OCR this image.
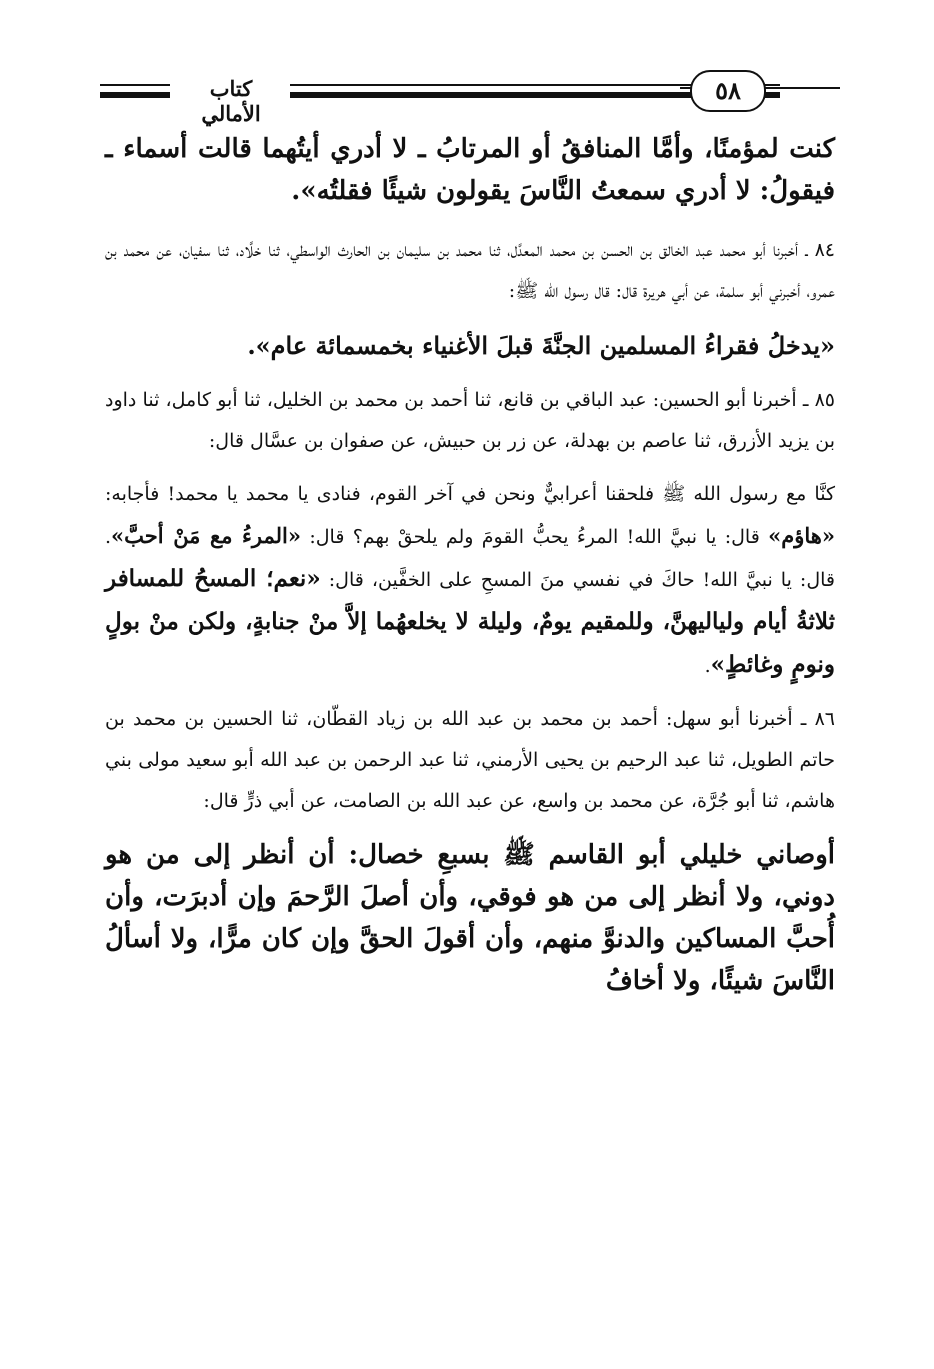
كتاب الأمالي
٥٨

كنت لمؤمنًا، وأمَّا المنافقُ أو المرتابُ ـ لا أدري أيتُهما قالت أسماء ـ فيقولُ: لا أدري سمعتُ النَّاسَ يقولون شيئًا فقلتُه».

٨٤ ـ أخبرنا أبو محمد عبد الخالق بن الحسن بن محمد المعدَّل، ثنا محمد بن سليمان بن الحارث الواسطي، ثنا خلَّاد، ثنا سفيان، عن محمد بن عمرو، أخبرني أبو سلمة، عن أبي هريرة قال: قال رسول الله ﷺ:

«يدخلُ فقراءُ المسلمين الجنَّةَ قبلَ الأغنياء بخمسمائة عام».

٨٥ ـ أخبرنا أبو الحسين: عبد الباقي بن قانع، ثنا أحمد بن محمد بن الخليل، ثنا أبو كامل، ثنا داود بن يزيد الأزرق، ثنا عاصم بن بهدلة، عن زر بن حبيش، عن صفوان بن عسَّال قال:

كنَّا مع رسول الله ﷺ فلحقنا أعرابيٌّ ونحن في آخر القوم، فنادى يا محمد يا محمد! فأجابه: «هاؤم» قال: يا نبيَّ الله! المرءُ يحبُّ القومَ ولم يلحقْ بهم؟ قال: «المرءُ مع مَنْ أحبَّ». قال: يا نبيَّ الله! حاكَ في نفسي منَ المسحِ على الخفَّين، قال: «نعم؛ المسحُ للمسافر ثلاثةُ أيام ولياليهنَّ، وللمقيم يومٌ، وليلة لا يخلعهُما إلاَّ منْ جنابةٍ، ولكن منْ بولٍ ونومٍ وغائطٍ».

٨٦ ـ أخبرنا أبو سهل: أحمد بن محمد بن عبد الله بن زياد القطّان، ثنا الحسين بن محمد بن حاتم الطويل، ثنا عبد الرحيم بن يحيى الأرمني، ثنا عبد الرحمن بن عبد الله أبو سعيد مولى بني هاشم، ثنا أبو جُرَّة، عن محمد بن واسع، عن عبد الله بن الصامت، عن أبي ذرٍّ قال:

أوصاني خليلي أبو القاسم ﷺ بسبعِ خصال: أن أنظر إلى من هو دوني، ولا أنظر إلى من هو فوقي، وأن أصلَ الرَّحمَ وإن أدبرَت، وأن أُحبَّ المساكين والدنوَّ منهم، وأن أقولَ الحقَّ وإن كان مرًّا، ولا أسألُ النَّاسَ شيئًا، ولا أخافُ
